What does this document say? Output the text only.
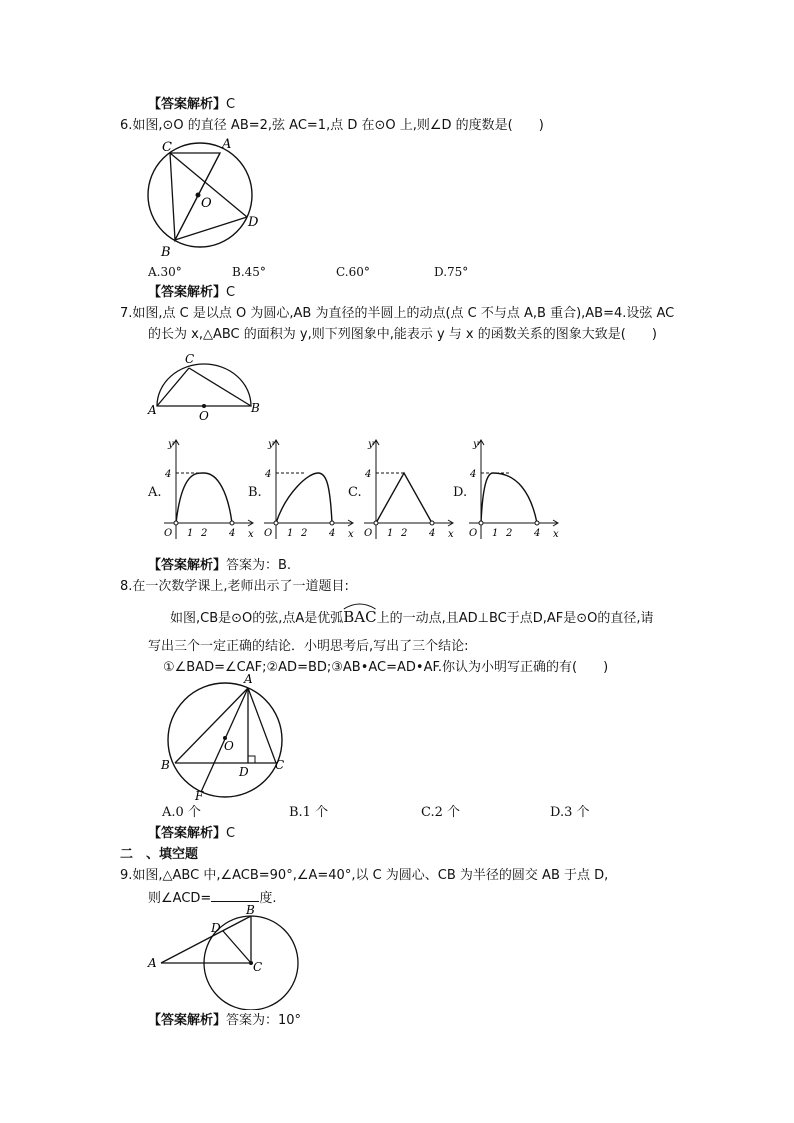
【答案解析】C
6.如图,⊙O 的直径 AB=2,弦 AC=1,点 D 在⊙O 上,则∠D 的度数是(　　)
C	A
O
D
B
A.30°	B.45°	C.60°	D.75°
【答案解析】C
7.如图,点 C 是以点 O 为圆心,AB 为直径的半圆上的动点(点 C 不与点 A,B 重合),AB=4.设弦 AC
的长为 x,△ABC 的面积为 y,则下列图象中,能表示 y 与 x 的函数关系的图象大致是(　　)
C
A	O
B
A.	B.	C.	D.
y
x
O
4
1 2 4
y
x
O
4
1 2 4
y
x
O
4
1 2 4
y
x
O
4
1 2 4
【答案解析】答案为：B.
8.在一次数学课上,老师出示了一道题目:
如图,CB是⊙O的弦,点A是优弧
BAC上的一动点,且AD⊥BC于点D,AF是⊙O的直径,请
写出三个一定正确的结论．小明思考后,写出了三个结论:
①∠BAD=∠CAF;②AD=BD;③AB•AC=AD•AF.你认为小明写正确的有(　　)
A
O
B	D C
F
A.0 个	B.1 个	C.2 个	D.3 个
【答案解析】C
二　、填空题
9.如图,△ABC 中,∠ACB=90°,∠A=40°,以 C 为圆心、CB 为半径的圆交 AB 于点 D,
则∠ACD=	度.
B
D
A	C
【答案解析】答案为：10°
